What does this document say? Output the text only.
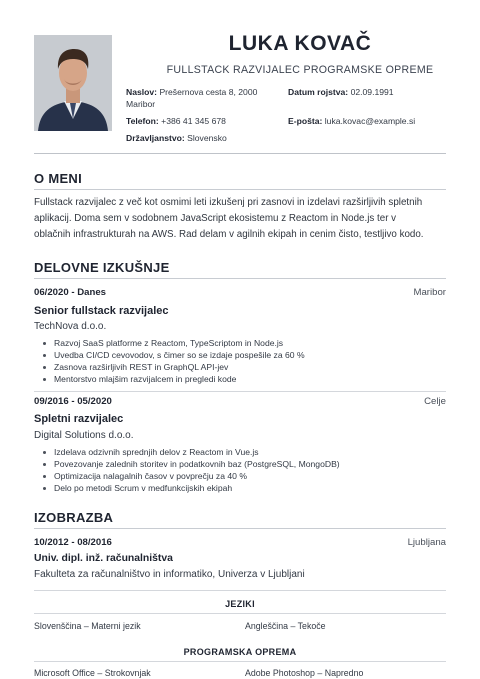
LUKA KOVAČ
FULLSTACK RAZVIJALEC PROGRAMSKE OPREME
Naslov: Prešernova cesta 8, 2000
Maribor
Datum rojstva: 02.09.1991
Telefon: +386 41 345 678	E-pošta: luka.kovac@example.si
Državljanstvo: Slovensko
O MENI
Fullstack razvijalec z več kot osmimi leti izkušenj pri zasnovi in izdelavi razširljivih spletnih
aplikacij. Doma sem v sodobnem JavaScript ekosistemu z Reactom in Node.js ter v
oblačnih infrastrukturah na AWS. Rad delam v agilnih ekipah in cenim čisto, testljivo kodo.
DELOVNE IZKUŠNJE
06/2020 - Danes	Maribor
Senior fullstack razvijalec
TechNova d.o.o.
Razvoj SaaS platforme z Reactom, TypeScriptom in Node.js
Uvedba CI/CD cevovodov, s čimer so se izdaje pospešile za 60 %
Zasnova razširljivih REST in GraphQL API-jev
Mentorstvo mlajšim razvijalcem in pregledi kode
09/2016 - 05/2020	Celje
Spletni razvijalec
Digital Solutions d.o.o.
Izdelava odzivnih sprednjih delov z Reactom in Vue.js
Povezovanje zalednih storitev in podatkovnih baz (PostgreSQL, MongoDB)
Optimizacija nalagalnih časov v povprečju za 40 %
Delo po metodi Scrum v medfunkcijskih ekipah
IZOBRAZBA
10/2012 - 08/2016	Ljubljana
Univ. dipl. inž. računalništva
Fakulteta za računalništvo in informatiko, Univerza v Ljubljani
JEZIKI
Slovenščina – Materni jezik	Angleščina – Tekoče
PROGRAMSKA OPREMA
Microsoft Office – Strokovnjak	Adobe Photoshop – Napredno
